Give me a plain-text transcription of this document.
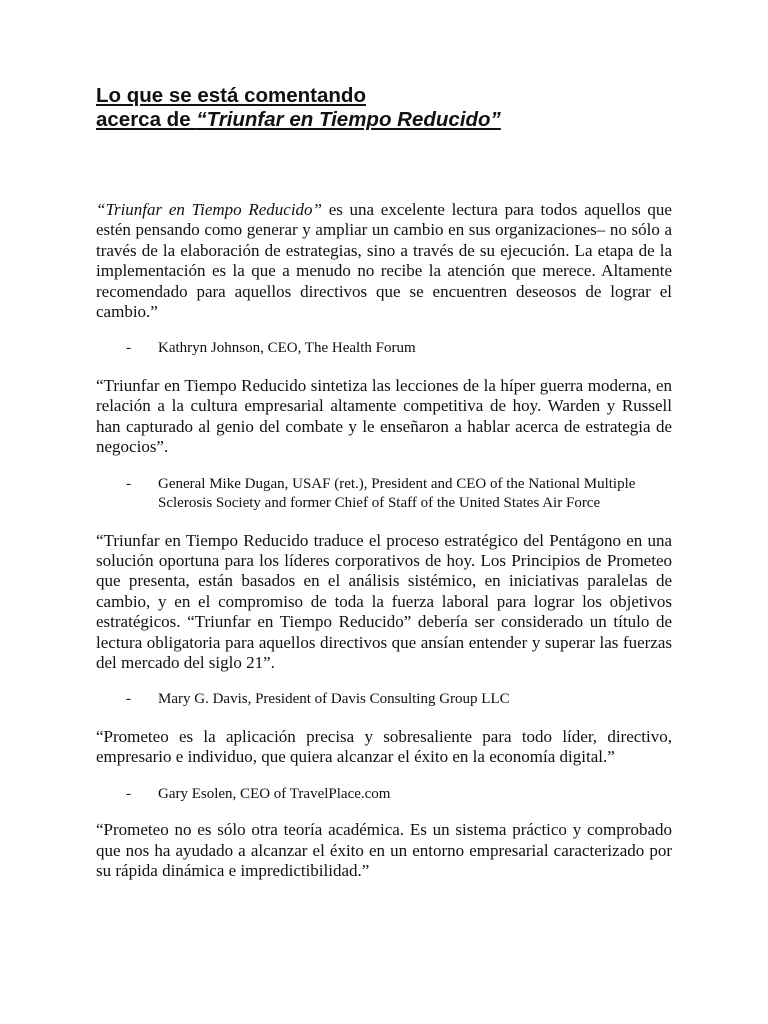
Lo que se está comentando
acerca de “Triunfar en Tiempo Reducido”

“Triunfar en Tiempo Reducido” es una excelente lectura para todos aquellos que estén pensando como generar y ampliar un cambio en sus organizaciones– no sólo a través de la elaboración de estrategias, sino a través de su ejecución. La etapa de la implementación es la que a menudo no recibe la atención que merece. Altamente recomendado para aquellos directivos que se encuentren deseosos de lograr el cambio.”

-	Kathryn Johnson, CEO, The Health Forum

“Triunfar en Tiempo Reducido sintetiza las lecciones de la híper guerra moderna, en relación a la cultura empresarial altamente competitiva de hoy. Warden y Russell han capturado al genio del combate y le enseñaron a hablar acerca de estrategia de negocios”.

-	General Mike Dugan, USAF (ret.), President and CEO of the National Multiple Sclerosis Society and former Chief of Staff of the United States Air Force

“Triunfar en Tiempo Reducido traduce el proceso estratégico del Pentágono en una solución oportuna para los líderes corporativos de hoy. Los Principios de Prometeo que presenta, están basados en el análisis sistémico, en iniciativas paralelas de cambio, y en el compromiso de toda la fuerza laboral para lograr los objetivos estratégicos. “Triunfar en Tiempo Reducido” debería ser considerado un título de lectura obligatoria para aquellos directivos que ansían entender y superar las fuerzas del mercado del siglo 21”.

-	Mary G. Davis, President of Davis Consulting Group LLC

“Prometeo es la aplicación precisa y sobresaliente para todo líder, directivo, empresario e individuo, que quiera alcanzar el éxito en la economía digital.”

-	Gary Esolen, CEO of TravelPlace.com

“Prometeo no es sólo otra teoría académica. Es un sistema práctico y comprobado que nos ha ayudado a alcanzar el éxito en un entorno empresarial caracterizado por su rápida dinámica e impredictibilidad.”
